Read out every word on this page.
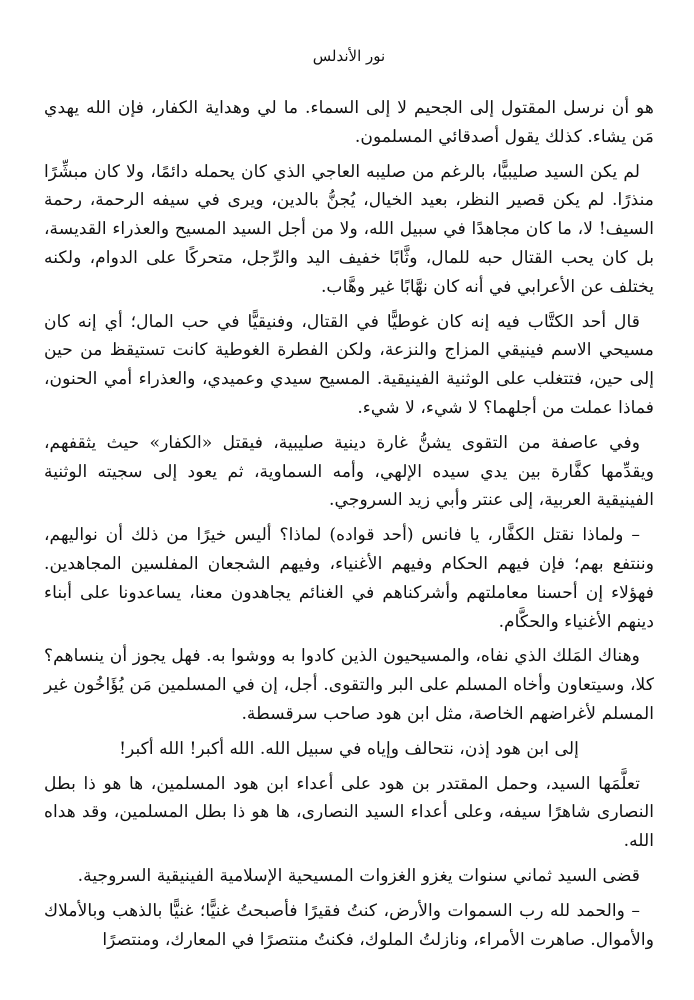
نور الأندلس

هو أن نرسل المقتول إلى الجحيم لا إلى السماء. ما لي وهداية الكفار، فإن الله يهدي مَن يشاء. كذلك يقول أصدقائي المسلمون.

لم يكن السيد صليبيًّا، بالرغم من صليبه العاجي الذي كان يحمله دائمًا، ولا كان مبشِّرًا منذرًا. لم يكن قصير النظر، بعيد الخيال، يُجنُّ بالدين، ويرى في سيفه الرحمة، رحمة السيف! لا، ما كان مجاهدًا في سبيل الله، ولا من أجل السيد المسيح والعذراء القديسة، بل كان يحب القتال حبه للمال، وثَّابًا خفيف اليد والرِّجل، متحركًا على الدوام، ولكنه يختلف عن الأعرابي في أنه كان نهَّابًا غير وهَّاب.

قال أحد الكتَّاب فيه إنه كان غوطيًّا في القتال، وفنيقيًّا في حب المال؛ أي إنه كان مسيحي الاسم فينيقي المزاج والنزعة، ولكن الفطرة الغوطية كانت تستيقظ من حين إلى حين، فتتغلب على الوثنية الفينيقية. المسيح سيدي وعميدي، والعذراء أمي الحنون، فماذا عملت من أجلهما؟ لا شيء، لا شيء.

وفي عاصفة من التقوى يشنُّ غارة دينية صليبية، فيقتل «الكفار» حيث يثقفهم، ويقدِّمها كفَّارة بين يدي سيده الإلهي، وأمه السماوية، ثم يعود إلى سجيته الوثنية الفينيقية العربية، إلى عنتر وأبي زيد السروجي.

– ولماذا نقتل الكفَّار، يا فانس (أحد قواده) لماذا؟ أليس خيرًا من ذلك أن نواليهم، وننتفع بهم؛ فإن فيهم الحكام وفيهم الأغنياء، وفيهم الشجعان المفلسين المجاهدين. فهؤلاء إن أحسنا معاملتهم وأشركناهم في الغنائم يجاهدون معنا، يساعدونا على أبناء دينهم الأغنياء والحكَّام.

وهناك المَلك الذي نفاه، والمسيحيون الذين كادوا به ووشوا به. فهل يجوز أن ينساهم؟ كلا، وسيتعاون وأخاه المسلم على البر والتقوى. أجل، إن في المسلمين مَن يُؤَاخُون غير المسلم لأغراضهم الخاصة، مثل ابن هود صاحب سرقسطة.

إلى ابن هود إذن، نتحالف وإياه في سبيل الله. الله أكبر! الله أكبر!

تعلَّمَها السيد، وحمل المقتدر بن هود على أعداء ابن هود المسلمين، ها هو ذا بطل النصارى شاهرًا سيفه، وعلى أعداء السيد النصارى، ها هو ذا بطل المسلمين، وقد هداه الله.

قضى السيد ثماني سنوات يغزو الغزوات المسيحية الإسلامية الفينيقية السروجية.

– والحمد لله رب السموات والأرض، كنتُ فقيرًا فأصبحتُ غنيًّا؛ غنيًّا بالذهب وبالأملاك والأموال. صاهرت الأمراء، ونازلتُ الملوك، فكنتُ منتصرًا في المعارك، ومنتصرًا
